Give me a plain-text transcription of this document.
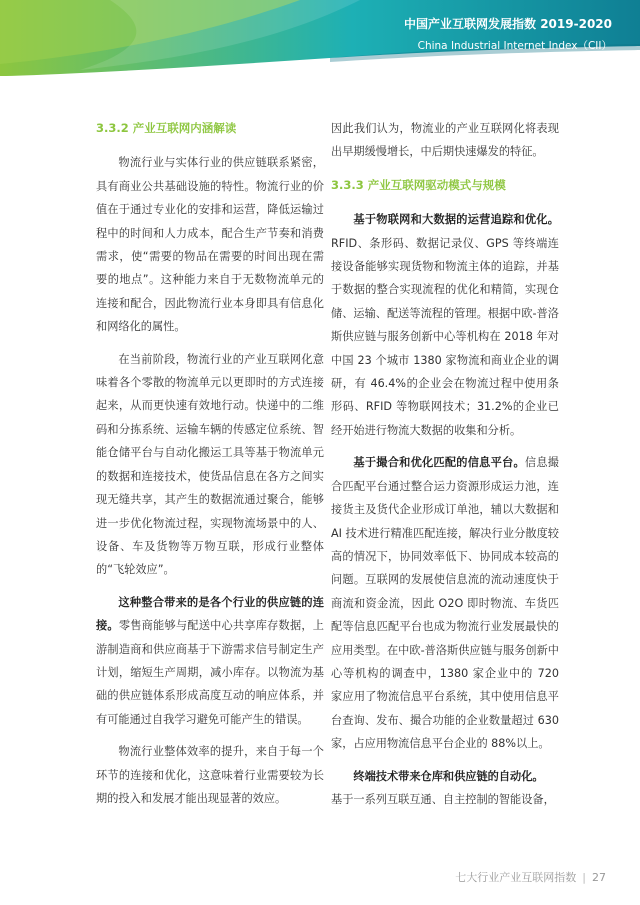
中国产业互联网发展指数 2019-2020
China Industrial Internet Index（CII）
3.3.2 产业互联网内涵解读

物流行业与实体行业的供应链联系紧密，具有商业公共基础设施的特性。物流行业的价值在于通过专业化的安排和运营，降低运输过程中的时间和人力成本，配合生产节奏和消费需求，使“需要的物品在需要的时间出现在需要的地点”。这种能力来自于无数物流单元的连接和配合，因此物流行业本身即具有信息化和网络化的属性。

在当前阶段，物流行业的产业互联网化意味着各个零散的物流单元以更即时的方式连接起来，从而更快速有效地行动。快递中的二维码和分拣系统、运输车辆的传感定位系统、智能仓储平台与自动化搬运工具等基于物流单元的数据和连接技术，使货品信息在各方之间实现无缝共享，其产生的数据流通过聚合，能够进一步优化物流过程，实现物流场景中的人、设备、车及货物等万物互联，形成行业整体的“飞轮效应”。

这种整合带来的是各个行业的供应链的连接。零售商能够与配送中心共享库存数据，上游制造商和供应商基于下游需求信号制定生产计划，缩短生产周期，减小库存。以物流为基础的供应链体系形成高度互动的响应体系，并有可能通过自我学习避免可能产生的错误。

物流行业整体效率的提升，来自于每一个环节的连接和优化，这意味着行业需要较为长期的投入和发展才能出现显著的效应。

因此我们认为，物流业的产业互联网化将表现出早期缓慢增长，中后期快速爆发的特征。

3.3.3 产业互联网驱动模式与规模

基于物联网和大数据的运营追踪和优化。RFID、条形码、数据记录仪、GPS 等终端连接设备能够实现货物和物流主体的追踪，并基于数据的整合实现流程的优化和精简，实现仓储、运输、配送等流程的管理。根据中欧-普洛斯供应链与服务创新中心等机构在 2018 年对中国 23 个城市 1380 家物流和商业企业的调研，有 46.4%的企业会在物流过程中使用条形码、RFID 等物联网技术；31.2%的企业已经开始进行物流大数据的收集和分析。

基于撮合和优化匹配的信息平台。信息撮合匹配平台通过整合运力资源形成运力池，连接货主及货代企业形成订单池，辅以大数据和 AI 技术进行精准匹配连接，解决行业分散度较高的情况下，协同效率低下、协同成本较高的问题。互联网的发展使信息流的流动速度快于商流和资金流，因此 O2O 即时物流、车货匹配等信息匹配平台也成为物流行业发展最快的应用类型。在中欧-普洛斯供应链与服务创新中心等机构的调查中，1380 家企业中的 720 家应用了物流信息平台系统，其中使用信息平台查询、发布、撮合功能的企业数量超过 630 家，占应用物流信息平台企业的 88%以上。

终端技术带来仓库和供应链的自动化。

基于一系列互联互通、自主控制的智能设备，

七大行业产业互联网指数 | 27
